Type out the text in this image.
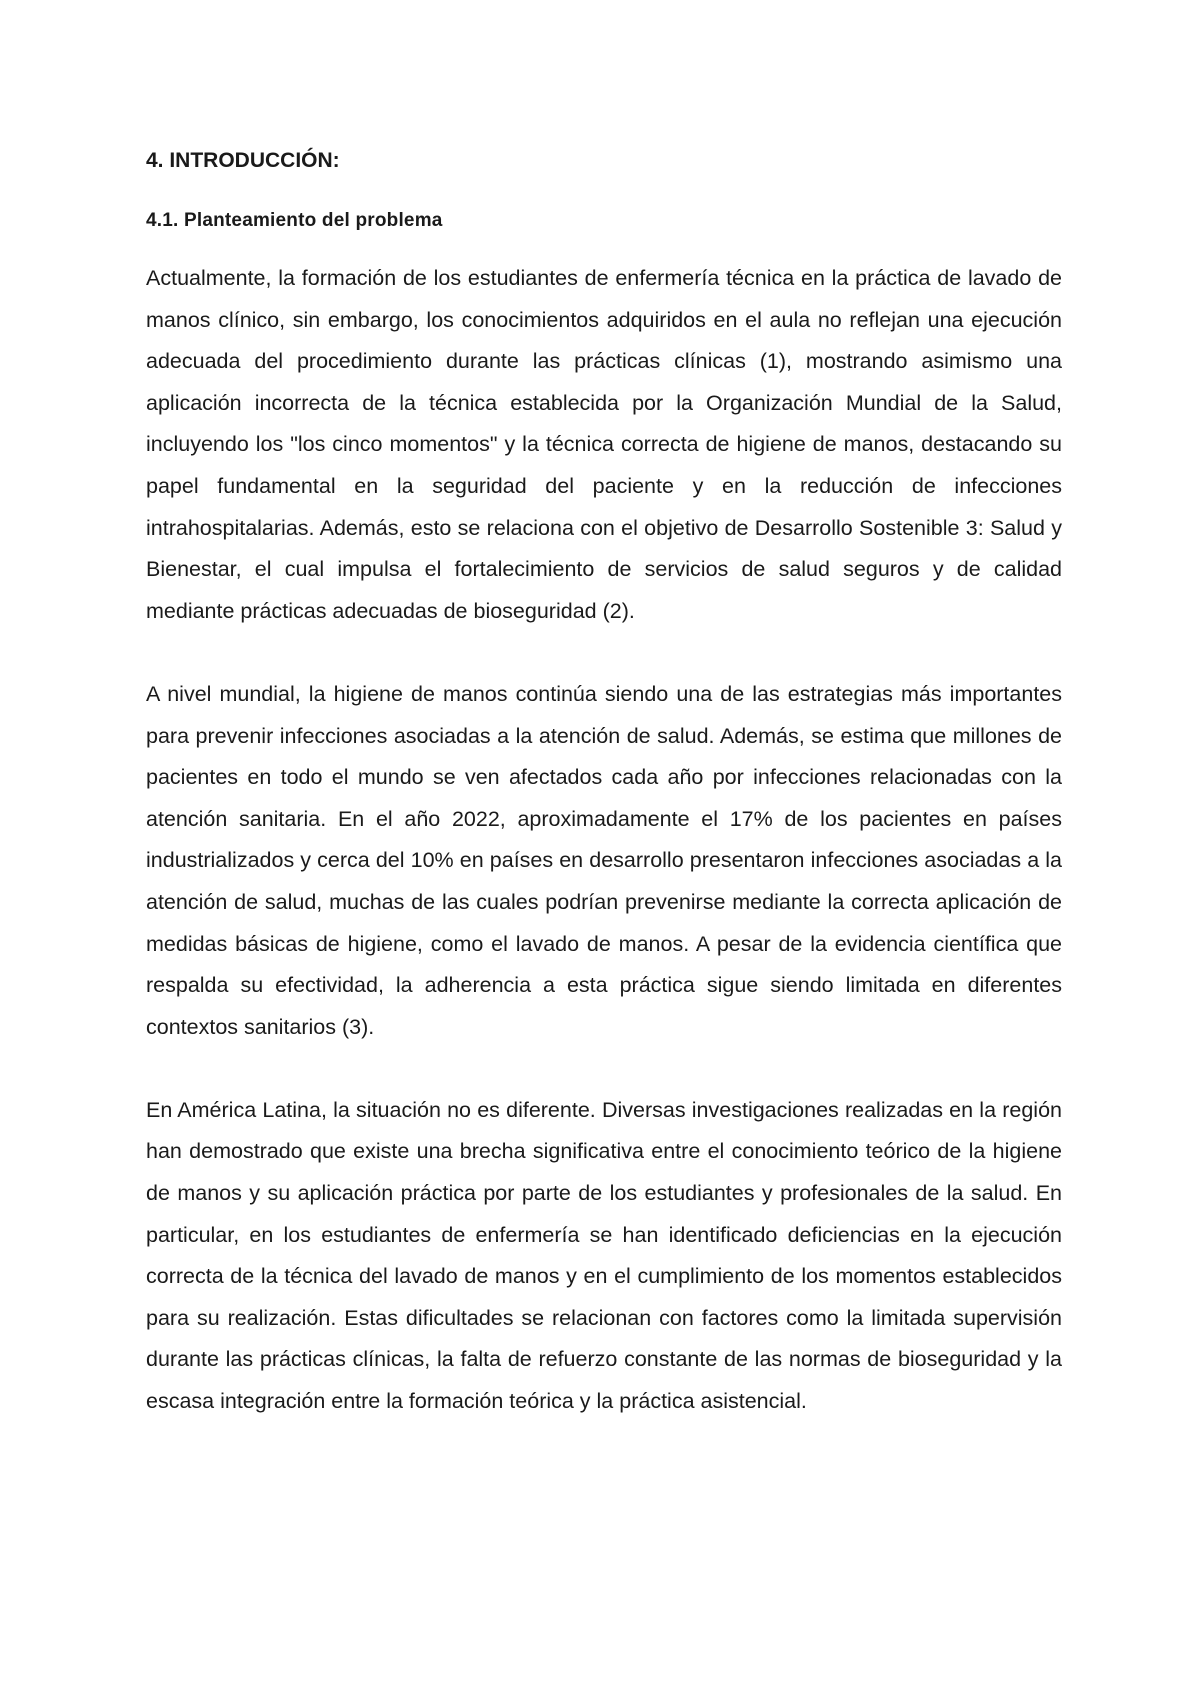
4. INTRODUCCIÓN:
4.1. Planteamiento del problema

Actualmente, la formación de los estudiantes de enfermería técnica en la práctica de lavado de manos clínico, sin embargo, los conocimientos adquiridos en el aula no reflejan una ejecución adecuada del procedimiento durante las prácticas clínicas (1), mostrando asimismo una aplicación incorrecta de la técnica establecida por la Organización Mundial de la Salud, incluyendo los "los cinco momentos" y la técnica correcta de higiene de manos, destacando su papel fundamental en la seguridad del paciente y en la reducción de infecciones intrahospitalarias. Además, esto se relaciona con el objetivo de Desarrollo Sostenible 3: Salud y Bienestar, el cual impulsa el fortalecimiento de servicios de salud seguros y de calidad mediante prácticas adecuadas de bioseguridad (2).

A nivel mundial, la higiene de manos continúa siendo una de las estrategias más importantes para prevenir infecciones asociadas a la atención de salud. Además, se estima que millones de pacientes en todo el mundo se ven afectados cada año por infecciones relacionadas con la atención sanitaria. En el año 2022, aproximadamente el 17% de los pacientes en países industrializados y cerca del 10% en países en desarrollo presentaron infecciones asociadas a la atención de salud, muchas de las cuales podrían prevenirse mediante la correcta aplicación de medidas básicas de higiene, como el lavado de manos. A pesar de la evidencia científica que respalda su efectividad, la adherencia a esta práctica sigue siendo limitada en diferentes contextos sanitarios (3).

En América Latina, la situación no es diferente. Diversas investigaciones realizadas en la región han demostrado que existe una brecha significativa entre el conocimiento teórico de la higiene de manos y su aplicación práctica por parte de los estudiantes y profesionales de la salud. En particular, en los estudiantes de enfermería se han identificado deficiencias en la ejecución correcta de la técnica del lavado de manos y en el cumplimiento de los momentos establecidos para su realización. Estas dificultades se relacionan con factores como la limitada supervisión durante las prácticas clínicas, la falta de refuerzo constante de las normas de bioseguridad y la escasa integración entre la formación teórica y la práctica asistencial.
